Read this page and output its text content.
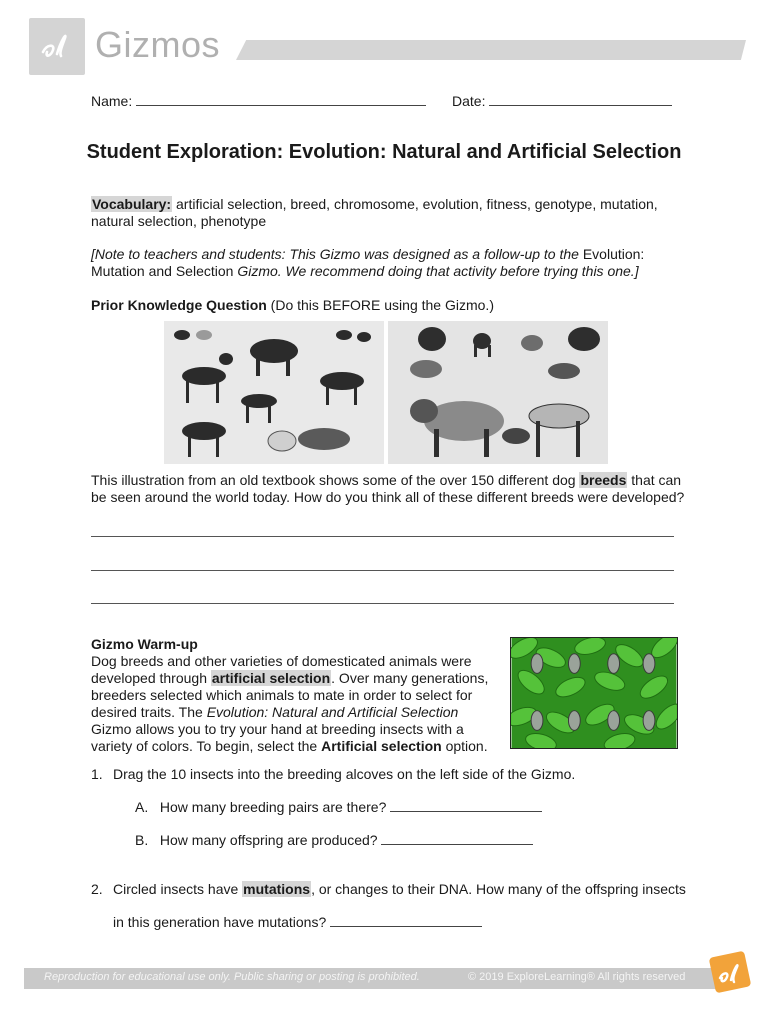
Gizmos
Name:	Date:
Student Exploration: Evolution: Natural and Artificial Selection
Vocabulary: artificial selection, breed, chromosome, evolution, fitness, genotype, mutation,
natural selection, phenotype
[Note to teachers and students: This Gizmo was designed as a follow-up to the Evolution:
Mutation and Selection Gizmo. We recommend doing that activity before trying this one.]
Prior Knowledge Question (Do this BEFORE using the Gizmo.)
This illustration from an old textbook shows some of the over 150 different dog breeds that can
be seen around the world today. How do you think all of these different breeds were developed?
Gizmo Warm-up
Dog breeds and other varieties of domesticated animals were
developed through artificial selection. Over many generations,
breeders selected which animals to mate in order to select for
desired traits. The Evolution: Natural and Artificial Selection
Gizmo allows you to try your hand at breeding insects with a
variety of colors. To begin, select the Artificial selection option.
1. Drag the 10 insects into the breeding alcoves on the left side of the Gizmo.
A. How many breeding pairs are there?
B. How many offspring are produced?
2. Circled insects have mutations, or changes to their DNA. How many of the offspring insects
in this generation have mutations?
Reproduction for educational use only. Public sharing or posting is prohibited.	© 2019 ExploreLearning® All rights reserved
